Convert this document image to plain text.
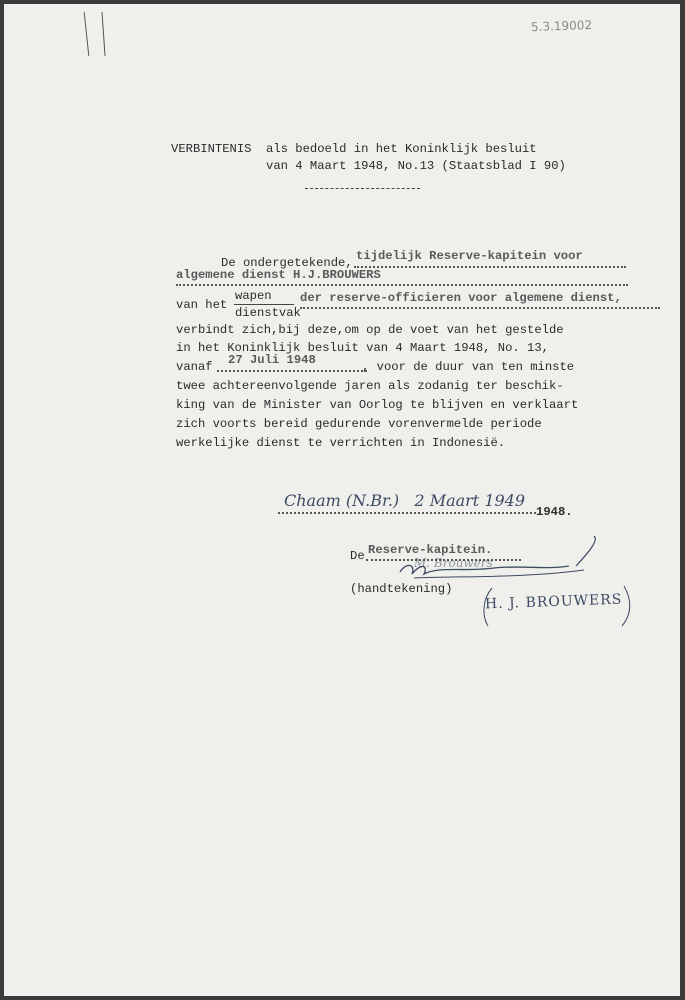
5.3.19002
VERBINTENIS als bedoeld in het Koninklijk besluit
van 4 Maart 1948, No.13 (Staatsblad I 90)
De ondergetekende, tijdelijk Reserve-kapitein voor
algemene dienst H.J.BROUWERS
van het
wapen
dienstvak
der reserve-officieren voor algemene dienst,
verbindt zich,bij deze,om op de voet van het gestelde
in het Koninklijk besluit van 4 Maart 1948, No. 13,
vanaf 27 Juli 1948	, voor de duur van ten minste
twee achtereenvolgende jaren als zodanig ter beschik-
king van de Minister van Oorlog te blijven en verklaart
zich voorts bereid gedurende vorenvermelde periode
werkelijke dienst te verrichten in Indonesië.
Chaam (N.Br.)   2 Maart 1949
1948.
De Reserve-kapitein.
M. Brouwers
(handtekening)
H. J. BROUWERS
